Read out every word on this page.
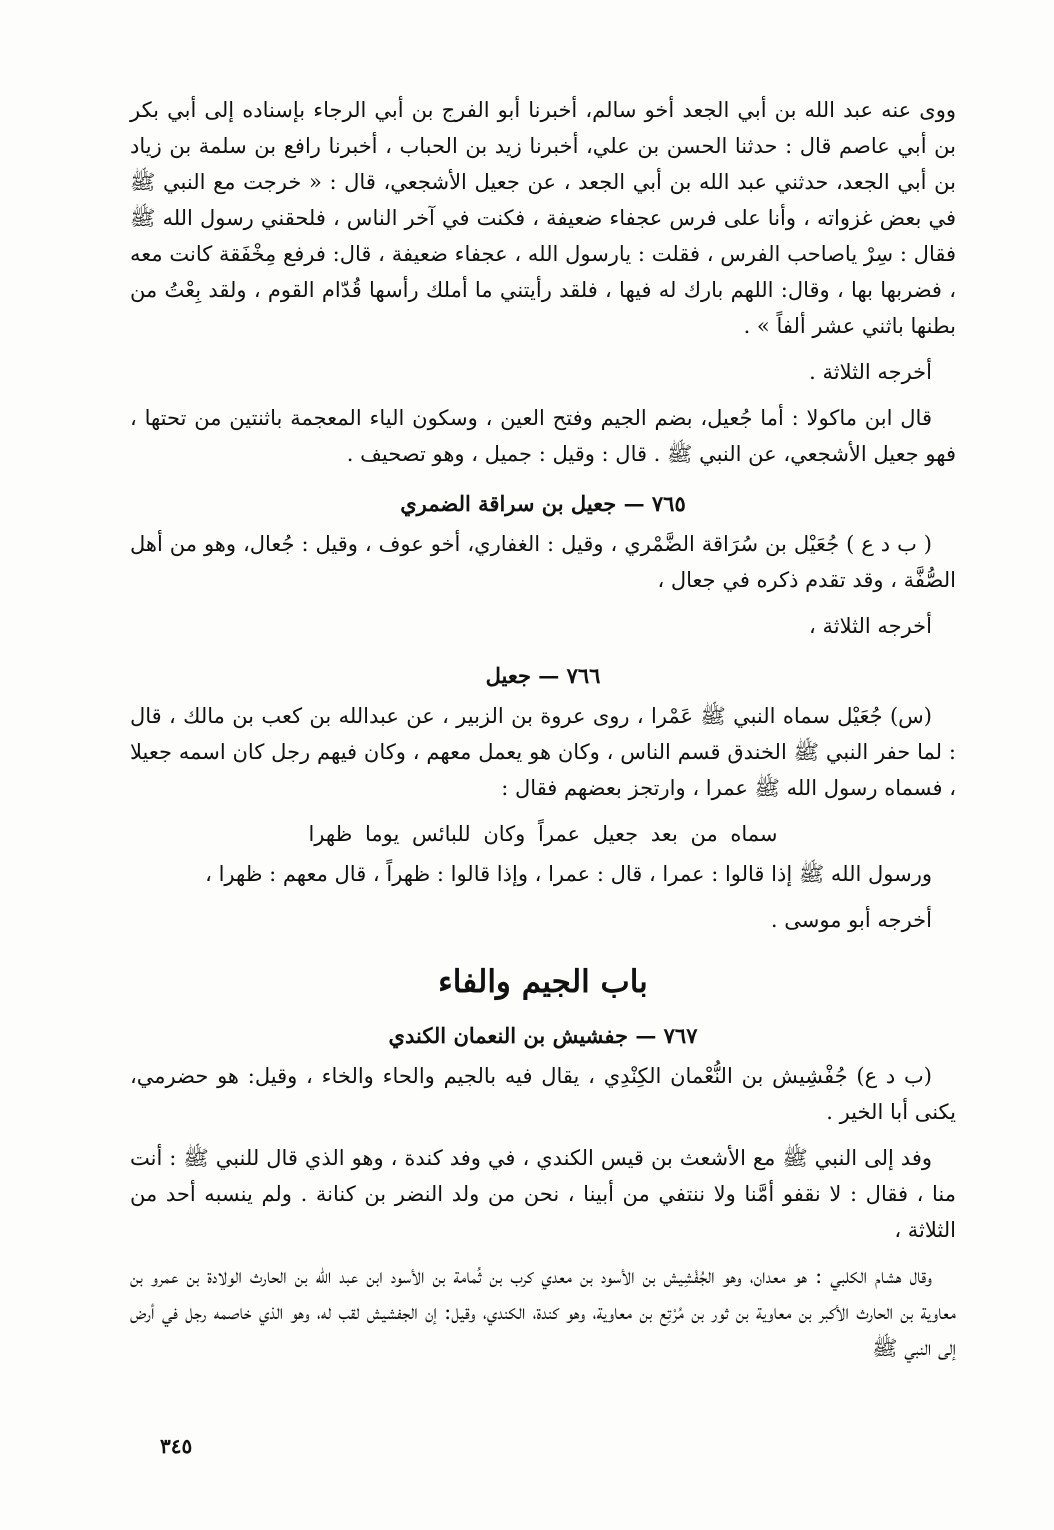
ووى عنه عبد الله بن أبي الجعد أخو سالم، أخبرنا أبو الفرج بن أبي الرجاء بإسناده إلى أبي بكر بن أبي عاصم قال : حدثنا الحسن بن علي، أخبرنا زيد بن الحباب ، أخبرنا رافع بن سلمة بن زياد بن أبي الجعد، حدثني عبد الله بن أبي الجعد ، عن جعيل الأشجعي، قال : « خرجت مع النبي ﷺ في بعض غزواته ، وأنا على فرس عجفاء ضعيفة ، فكنت في آخر الناس ، فلحقني رسول الله ﷺ فقال : سِرْ ياصاحب الفرس ، فقلت : يارسول الله ، عجفاء ضعيفة ، قال: فرفع مِخْفَقة كانت معه ، فضربها بها ، وقال: اللهم بارك له فيها ، فلقد رأيتني ما أملك رأسها قُدّام القوم ، ولقد بِعْتُ من بطنها باثني عشر ألفاً » .

أخرجه الثلاثة .

قال ابن ماكولا : أما جُعيل، بضم الجيم وفتح العين ، وسكون الياء المعجمة باثنتين من تحتها ، فهو جعيل الأشجعي، عن النبي ﷺ . قال : وقيل : جميل ، وهو تصحيف .

٧٦٥ — جعيل بن سراقة الضمري

( ب د ع ) جُعَيْل بن سُرَاقة الضَّمْري ، وقيل : الغفاري، أخو عوف ، وقيل : جُعال، وهو من أهل الصُّفَّة ، وقد تقدم ذكره في جعال ،

أخرجه الثلاثة ،

٧٦٦ — جعيل

(س) جُعَيْل سماه النبي ﷺ عَمْرا ، روى عروة بن الزبير ، عن عبدالله بن كعب بن مالك ، قال : لما حفر النبي ﷺ الخندق قسم الناس ، وكان هو يعمل معهم ، وكان فيهم رجل كان اسمه جعيلا ، فسماه رسول الله ﷺ عمرا ، وارتجز بعضهم فقال :

سماه من بعد جعيل عمراً وكان للبائس يوما ظهرا

ورسول الله ﷺ إذا قالوا : عمرا ، قال : عمرا ، وإذا قالوا : ظهراً ، قال معهم : ظهرا ،

أخرجه أبو موسى .

باب الجيم والفاء
٧٦٧ — جفشيش بن النعمان الكندي

(ب د ع) جُفْشِيش بن النُّعْمان الكِنْدِي ، يقال فيه بالجيم والحاء والخاء ، وقيل: هو حضرمي، يكنى أبا الخير .

وفد إلى النبي ﷺ مع الأشعث بن قيس الكندي ، في وفد كندة ، وهو الذي قال للنبي ﷺ : أنت منا ، فقال : لا نقفو أمَّنا ولا ننتفي من أبينا ، نحن من ولد النضر بن كنانة . ولم ينسبه أحد من الثلاثة ،

وقال هشام الكلبي : هو معدان، وهو الجُفْشِيش بن الأسود بن معدي كرب بن ثُمامة بن الأسود ابن عبد الله بن الحارث الولادة بن عمرو بن معاوية بن الحارث الأكبر بن معاوية بن ثور بن مُرْتِع بن معاوية، وهو كندة، الكندي، وقيل: إن الجفشيش لقب له، وهو الذي خاصمه رجل في أرض إلى النبي ﷺ

٣٤٥
